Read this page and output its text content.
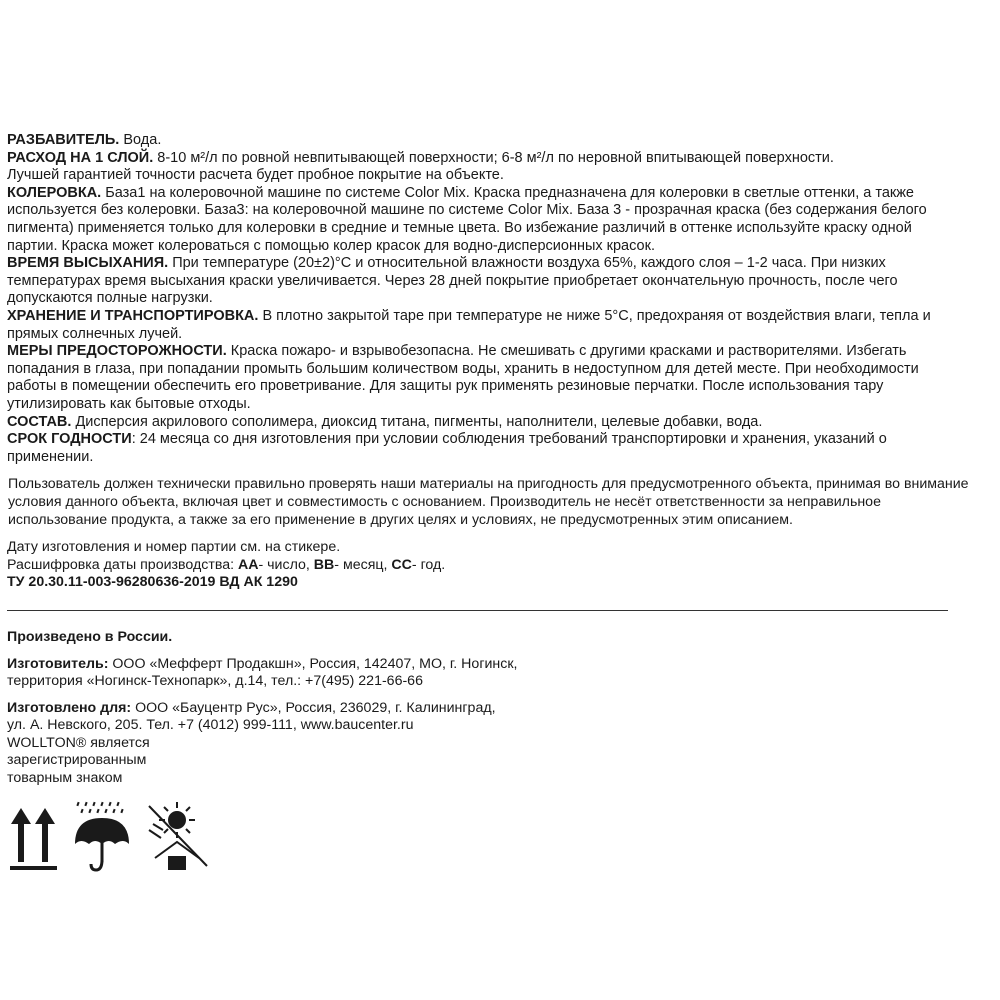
РАЗБАВИТЕЛЬ. Вода.

РАСХОД НА 1 СЛОЙ. 8-10 м²/л по ровной невпитывающей поверхности; 6-8 м²/л по неровной впитывающей поверхности.

Лучшей гарантией точности расчета будет пробное покрытие на объекте.

КОЛЕРОВКА. База1 на колеровочной машине по системе Color Mix. Краска предназначена для колеровки в светлые оттенки, а также используется без колеровки. База3: на колеровочной машине по системе Color Mix. База 3 - прозрачная краска (без содержания белого пигмента) применяется только для колеровки в средние и темные цвета. Во избежание различий в оттенке используйте краску одной партии. Краска может колероваться с помощью колер красок для водно-дисперсионных красок.

ВРЕМЯ ВЫСЫХАНИЯ. При температуре (20±2)°С и относительной влажности воздуха 65%, каждого слоя – 1-2 часа. При низких температурах время высыхания краски увеличивается. Через 28 дней покрытие приобретает окончательную прочность, после чего допускаются полные нагрузки.

ХРАНЕНИЕ И ТРАНСПОРТИРОВКА. В плотно закрытой таре при температуре не ниже 5°С, предохраняя от воздействия влаги, тепла и прямых солнечных лучей.

МЕРЫ ПРЕДОСТОРОЖНОСТИ. Краска пожаро- и взрывобезопасна. Не смешивать с другими красками и растворителями. Избегать попадания в глаза, при попадании промыть большим количеством воды, хранить в недоступном для детей месте. При необходимости работы в помещении обеспечить его проветривание. Для защиты рук применять резиновые перчатки. После использования тару утилизировать как бытовые отходы.

СОСТАВ. Дисперсия акрилового сополимера, диоксид титана, пигменты, наполнители, целевые добавки, вода.

СРОК ГОДНОСТИ: 24 месяца со дня изготовления при условии соблюдения требований транспортировки и хранения, указаний о применении.

Пользователь должен технически правильно проверять наши материалы на пригодность для предусмотренного объекта, принимая во внимание условия данного объекта, включая цвет и совместимость с основанием. Производитель не несёт ответственности за неправильное использование продукта, а также за его применение в других целях и условиях, не предусмотренных этим описанием.

Дату изготовления и номер партии см. на стикере.

Расшифровка даты производства: АА- число, ВВ- месяц, СС- год.

ТУ 20.30.11-003-96280636-2019 ВД АК 1290

Произведено в России.

Изготовитель: ООО «Мефферт Продакшн», Россия, 142407, МО, г. Ногинск,

территория «Ногинск-Технопарк», д.14, тел.: +7(495) 221-66-66

Изготовлено для: ООО «Бауцентр Рус», Россия, 236029, г. Калининград,

ул. А. Невского, 205. Тел. +7 (4012) 999-111, www.baucenter.ru

WOLLTON® является

зарегистрированным

товарным знаком
